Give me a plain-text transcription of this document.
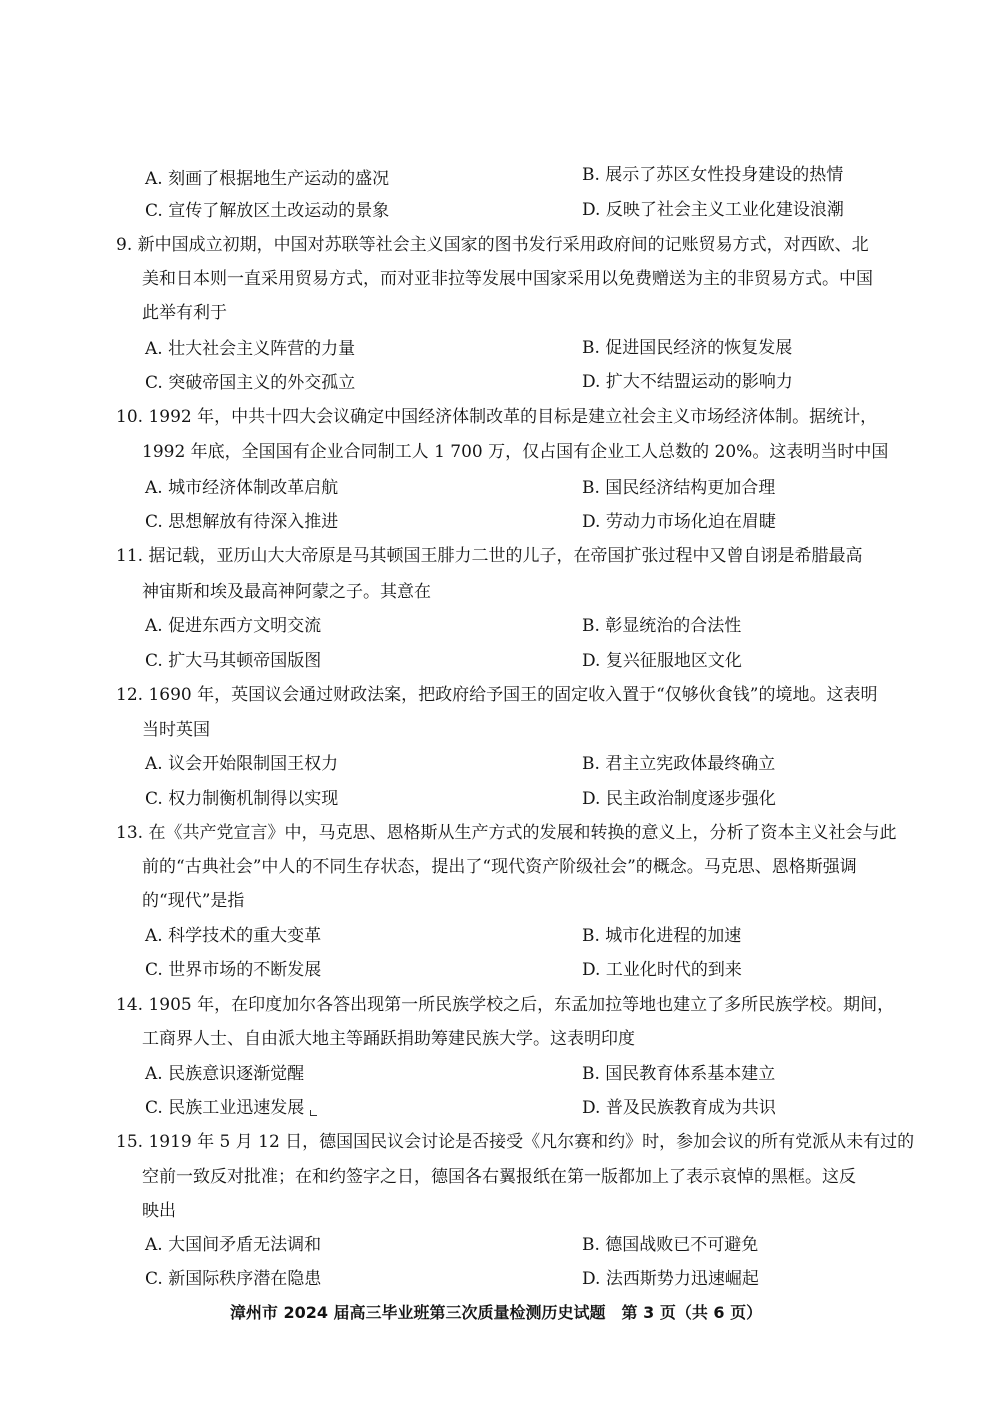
A. 刻画了根据地生产运动的盛况	B. 展示了苏区女性投身建设的热情
C. 宣传了解放区土改运动的景象	D. 反映了社会主义工业化建设浪潮
9. 新中国成立初期，中国对苏联等社会主义国家的图书发行采用政府间的记账贸易方式，对西欧、北
美和日本则一直采用贸易方式，而对亚非拉等发展中国家采用以免费赠送为主的非贸易方式。中国
此举有利于
A. 壮大社会主义阵营的力量	B. 促进国民经济的恢复发展
C. 突破帝国主义的外交孤立	D. 扩大不结盟运动的影响力
10. 1992 年，中共十四大会议确定中国经济体制改革的目标是建立社会主义市场经济体制。据统计，
1992 年底，全国国有企业合同制工人 1 700 万，仅占国有企业工人总数的 20%。这表明当时中国
A. 城市经济体制改革启航	B. 国民经济结构更加合理
C. 思想解放有待深入推进	D. 劳动力市场化迫在眉睫
11. 据记载，亚历山大大帝原是马其顿国王腓力二世的儿子，在帝国扩张过程中又曾自诩是希腊最高
神宙斯和埃及最高神阿蒙之子。其意在
A. 促进东西方文明交流	B. 彰显统治的合法性
C. 扩大马其顿帝国版图	D. 复兴征服地区文化
12. 1690 年，英国议会通过财政法案，把政府给予国王的固定收入置于“仅够伙食钱”的境地。这表明
当时英国
A. 议会开始限制国王权力	B. 君主立宪政体最终确立
C. 权力制衡机制得以实现	D. 民主政治制度逐步强化
13. 在《共产党宣言》中，马克思、恩格斯从生产方式的发展和转换的意义上，分析了资本主义社会与此
前的“古典社会”中人的不同生存状态，提出了“现代资产阶级社会”的概念。马克思、恩格斯强调
的“现代”是指
A. 科学技术的重大变革	B. 城市化进程的加速
C. 世界市场的不断发展	D. 工业化时代的到来
14. 1905 年，在印度加尔各答出现第一所民族学校之后，东孟加拉等地也建立了多所民族学校。期间，
工商界人士、自由派大地主等踊跃捐助筹建民族大学。这表明印度
A. 民族意识逐渐觉醒	B. 国民教育体系基本建立
C. 民族工业迅速发展	D. 普及民族教育成为共识
15. 1919 年 5 月 12 日，德国国民议会讨论是否接受《凡尔赛和约》时，参加会议的所有党派从未有过的
空前一致反对批准；在和约签字之日，德国各右翼报纸在第一版都加上了表示哀悼的黑框。这反
映出
A. 大国间矛盾无法调和	B. 德国战败已不可避免
C. 新国际秩序潜在隐患	D. 法西斯势力迅速崛起
漳州市 2024 届高三毕业班第三次质量检测历史试题　第 3 页（共 6 页）
